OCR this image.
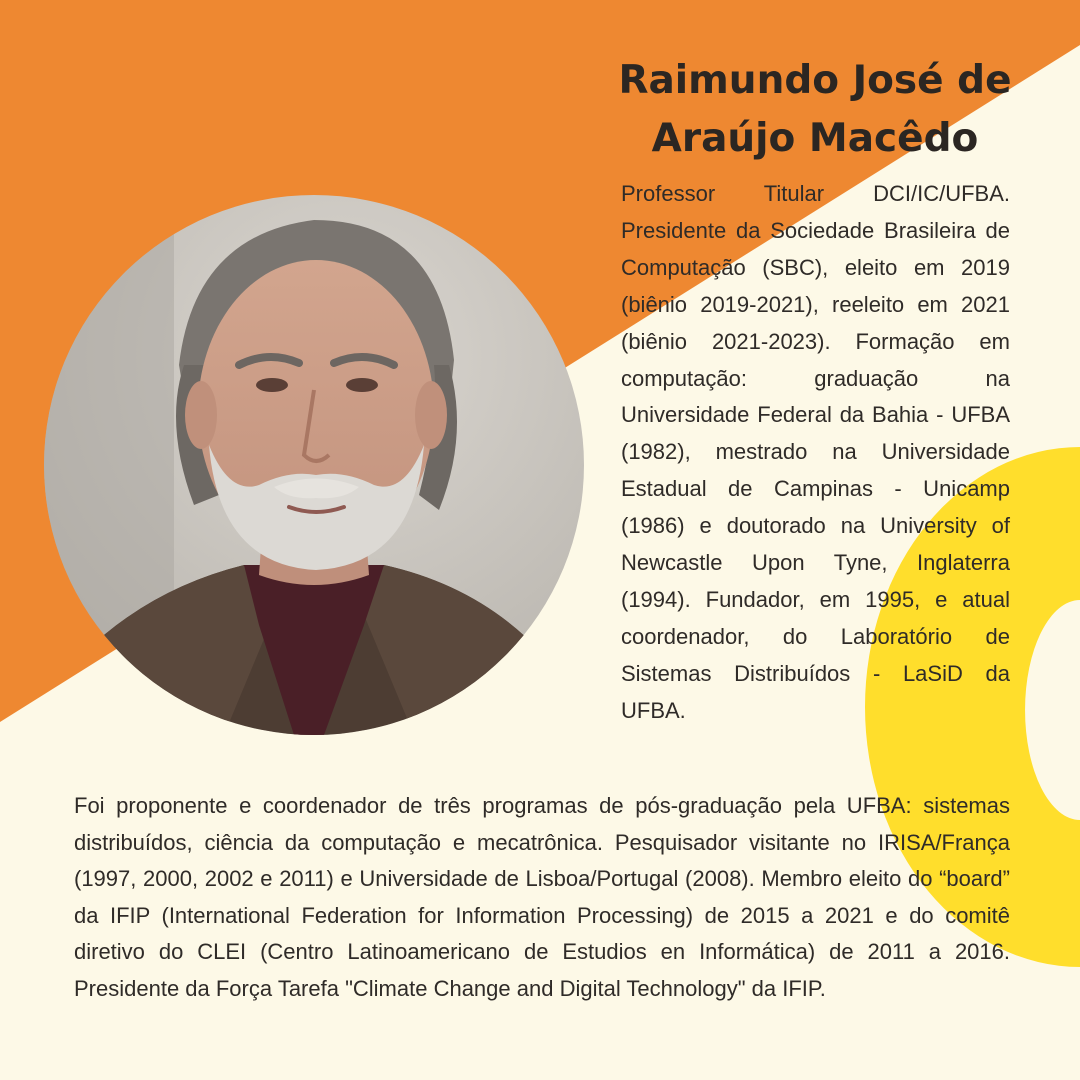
Raimundo José de Araújo Macêdo

Professor Titular DCI/IC/UFBA. Presidente da Sociedade Brasileira de Computação (SBC), eleito em 2019 (biênio 2019-2021), reeleito em 2021 (biênio 2021-2023). Formação em computação: graduação na Universidade Federal da Bahia - UFBA (1982), mestrado na Universidade Estadual de Campinas - Unicamp (1986) e doutorado na University of Newcastle Upon Tyne, Inglaterra (1994). Fundador, em 1995, e atual coordenador, do Laboratório de Sistemas Distribuídos - LaSiD da UFBA.

Foi proponente e coordenador de três programas de pós-graduação pela UFBA: sistemas distribuídos, ciência da computação e mecatrônica. Pesquisador visitante no IRISA/França (1997, 2000, 2002 e 2011) e Universidade de Lisboa/Portugal (2008). Membro eleito do “board” da IFIP (International Federation for Information Processing) de 2015 a 2021 e do comitê diretivo do CLEI (Centro Latinoamericano de Estudios en Informática) de 2011 a 2016. Presidente da Força Tarefa "Climate Change and Digital Technology" da IFIP.
